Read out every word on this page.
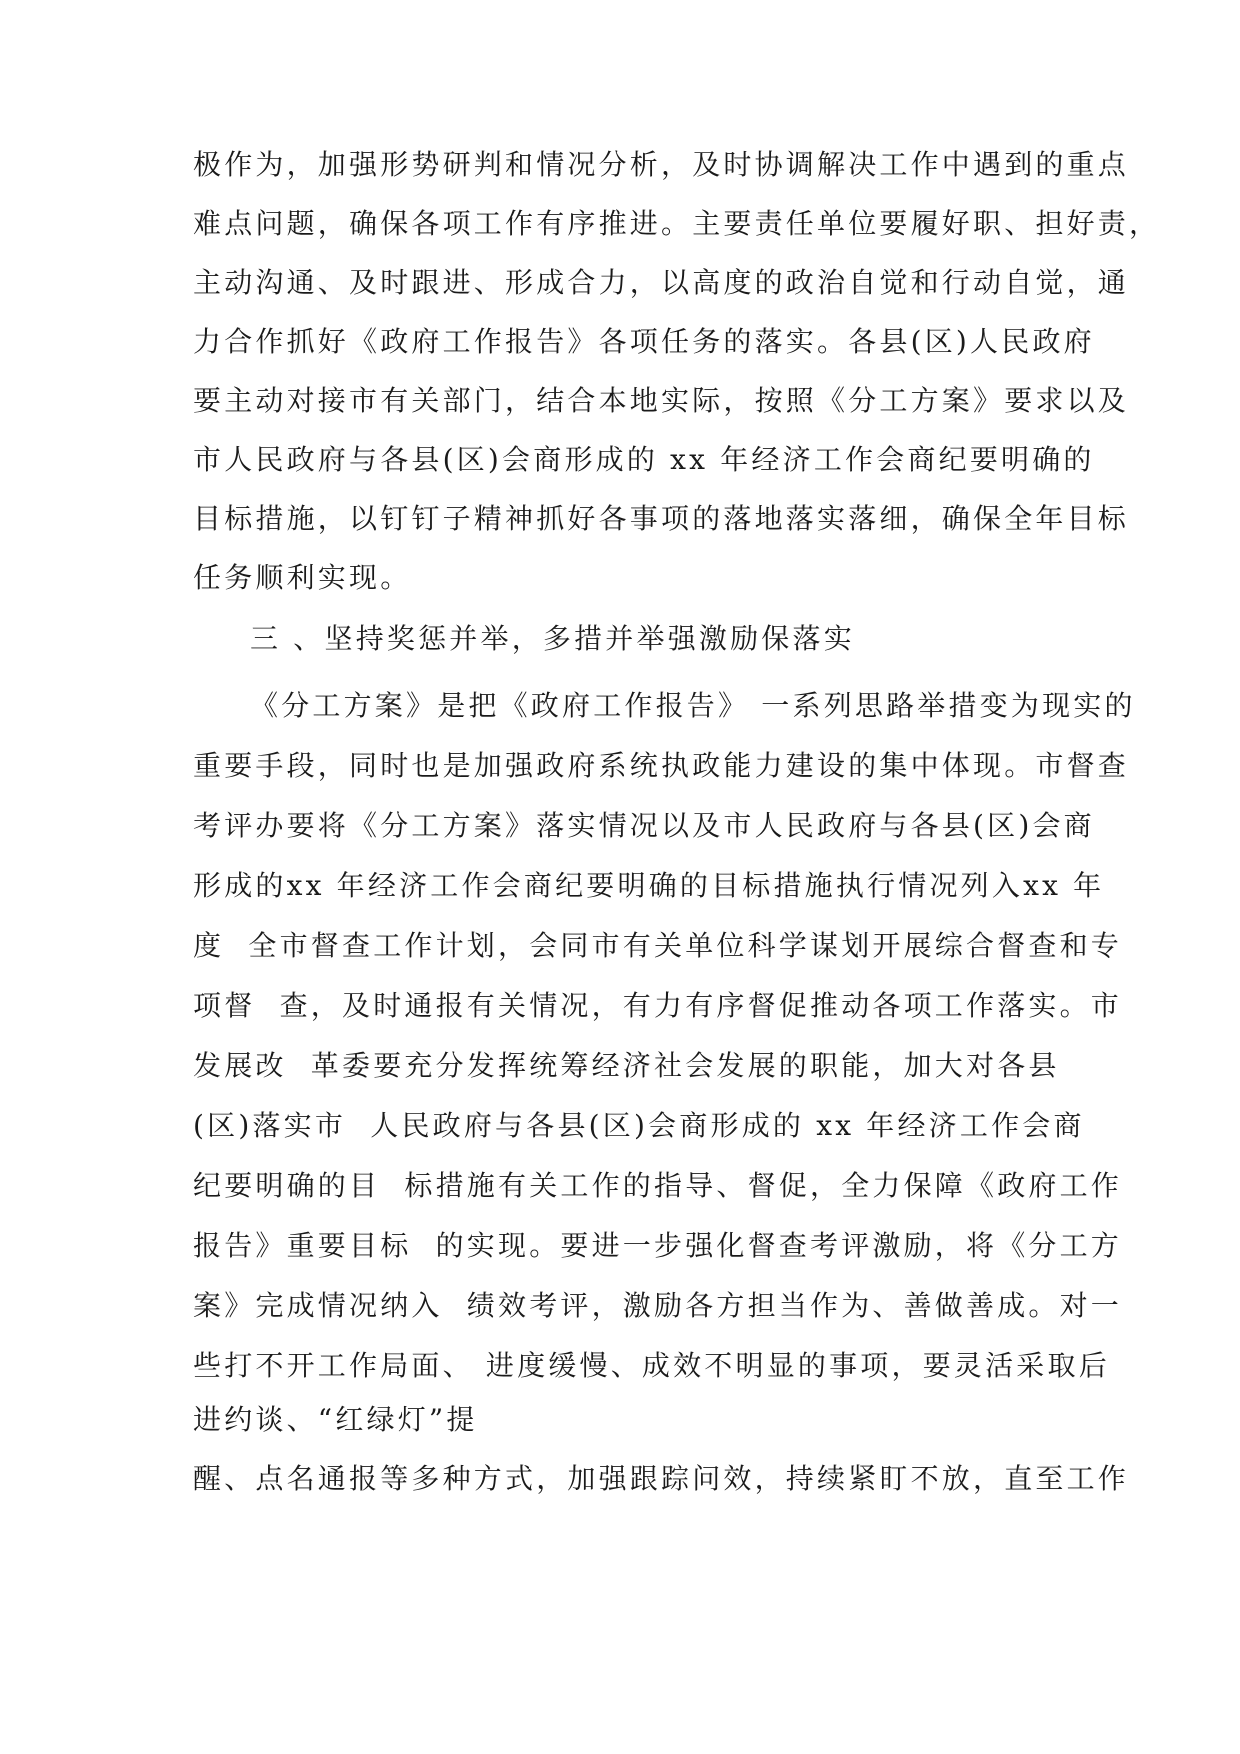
极作为，加强形势研判和情况分析，及时协调解决工作中遇到的重点
难点问题，确保各项工作有序推进。主要责任单位要履好职、担好责，
主动沟通、及时跟进、形成合力，以高度的政治自觉和行动自觉，通
力合作抓好《政府工作报告》各项任务的落实。各县(区)人民政府
要主动对接市有关部门，结合本地实际，按照《分工方案》要求以及
市人民政府与各县(区)会商形成的 xx 年经济工作会商纪要明确的
目标措施，以钉钉子精神抓好各事项的落地落实落细，确保全年目标
任务顺利实现。
三 、坚持奖惩并举，多措并举强激励保落实
《分工方案》是把《政府工作报告》 一系列思路举措变为现实的
重要手段，同时也是加强政府系统执政能力建设的集中体现。市督查
考评办要将《分工方案》落实情况以及市人民政府与各县(区)会商
形成的xx 年经济工作会商纪要明确的目标措施执行情况列入xx 年
度  全市督查工作计划，会同市有关单位科学谋划开展综合督查和专
项督  查，及时通报有关情况，有力有序督促推动各项工作落实。市
发展改  革委要充分发挥统筹经济社会发展的职能，加大对各县
(区)落实市  人民政府与各县(区)会商形成的 xx 年经济工作会商
纪要明确的目  标措施有关工作的指导、督促，全力保障《政府工作
报告》重要目标  的实现。要进一步强化督查考评激励，将《分工方
案》完成情况纳入  绩效考评，激励各方担当作为、善做善成。对一
些打不开工作局面、 进度缓慢、成效不明显的事项，要灵活采取后
进约谈、“红绿灯”提
醒、点名通报等多种方式，加强跟踪问效，持续紧盯不放，直至工作
